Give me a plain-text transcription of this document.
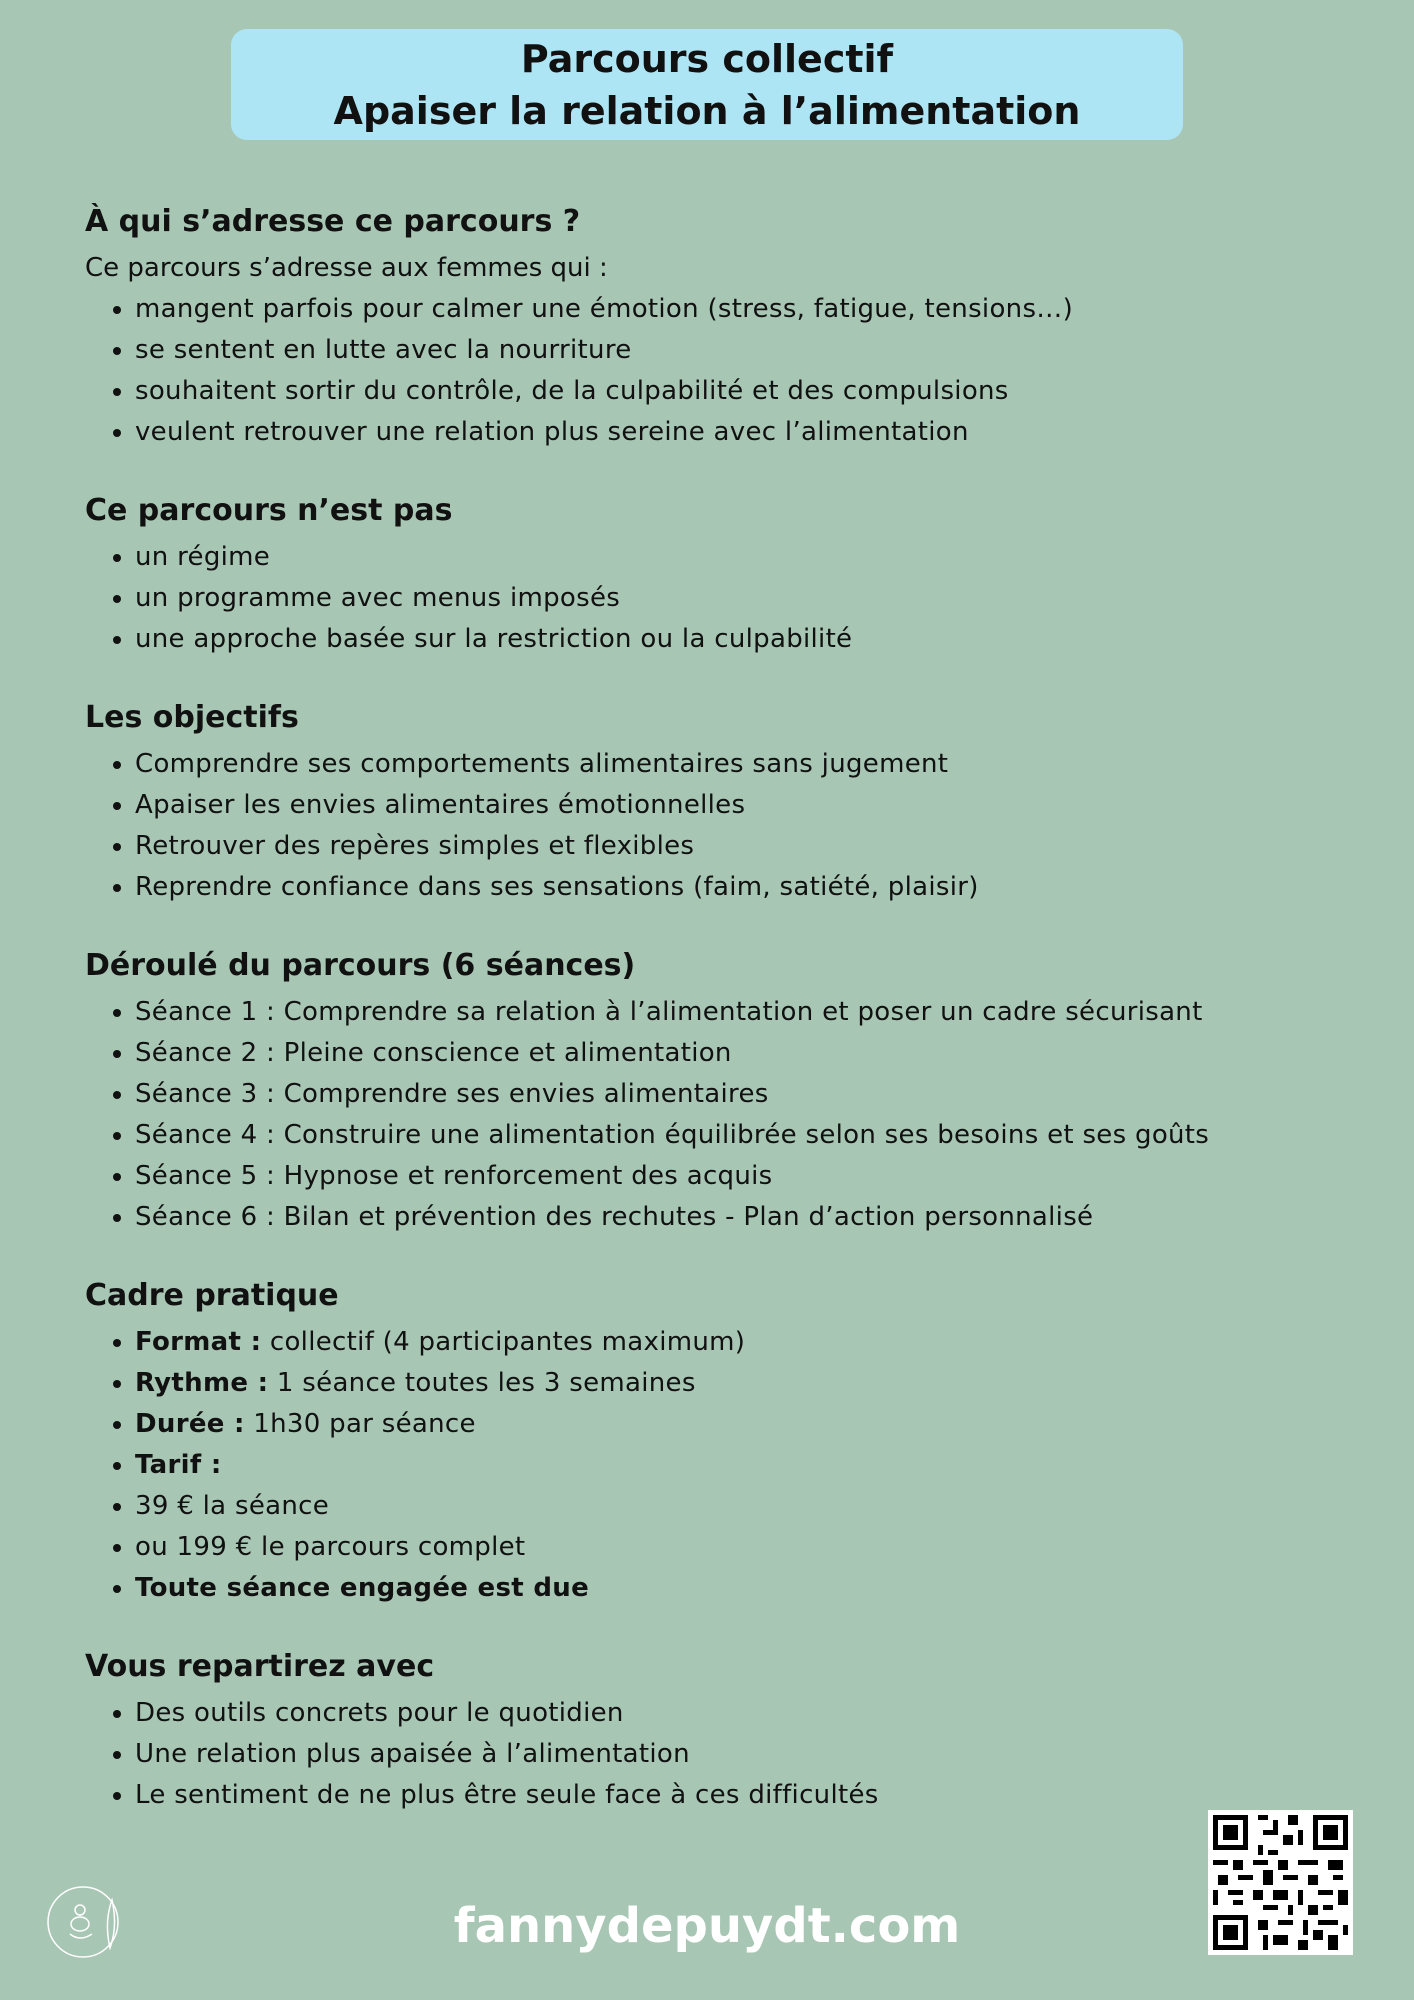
Parcours collectif
Apaiser la relation à l’alimentation
À qui s’adresse ce parcours ?

Ce parcours s’adresse aux femmes qui :

• mangent parfois pour calmer une émotion (stress, fatigue, tensions…)
• se sentent en lutte avec la nourriture
• souhaitent sortir du contrôle, de la culpabilité et des compulsions
• veulent retrouver une relation plus sereine avec l’alimentation
Ce parcours n’est pas
• un régime
• un programme avec menus imposés
• une approche basée sur la restriction ou la culpabilité
Les objectifs
• Comprendre ses comportements alimentaires sans jugement
• Apaiser les envies alimentaires émotionnelles
• Retrouver des repères simples et flexibles
• Reprendre confiance dans ses sensations (faim, satiété, plaisir)
Déroulé du parcours (6 séances)
• Séance 1 : Comprendre sa relation à l’alimentation et poser un cadre sécurisant
• Séance 2 : Pleine conscience et alimentation
• Séance 3 : Comprendre ses envies alimentaires
• Séance 4 : Construire une alimentation équilibrée selon ses besoins et ses goûts
• Séance 5 : Hypnose et renforcement des acquis
• Séance 6 : Bilan et prévention des rechutes - Plan d’action personnalisé
Cadre pratique
• Format : collectif (4 participantes maximum)
• Rythme : 1 séance toutes les 3 semaines
• Durée : 1h30 par séance
• Tarif :
• 39 € la séance
• ou 199 € le parcours complet
• Toute séance engagée est due
Vous repartirez avec
• Des outils concrets pour le quotidien
• Une relation plus apaisée à l’alimentation
• Le sentiment de ne plus être seule face à ces difficultés
fannydepuydt.com
